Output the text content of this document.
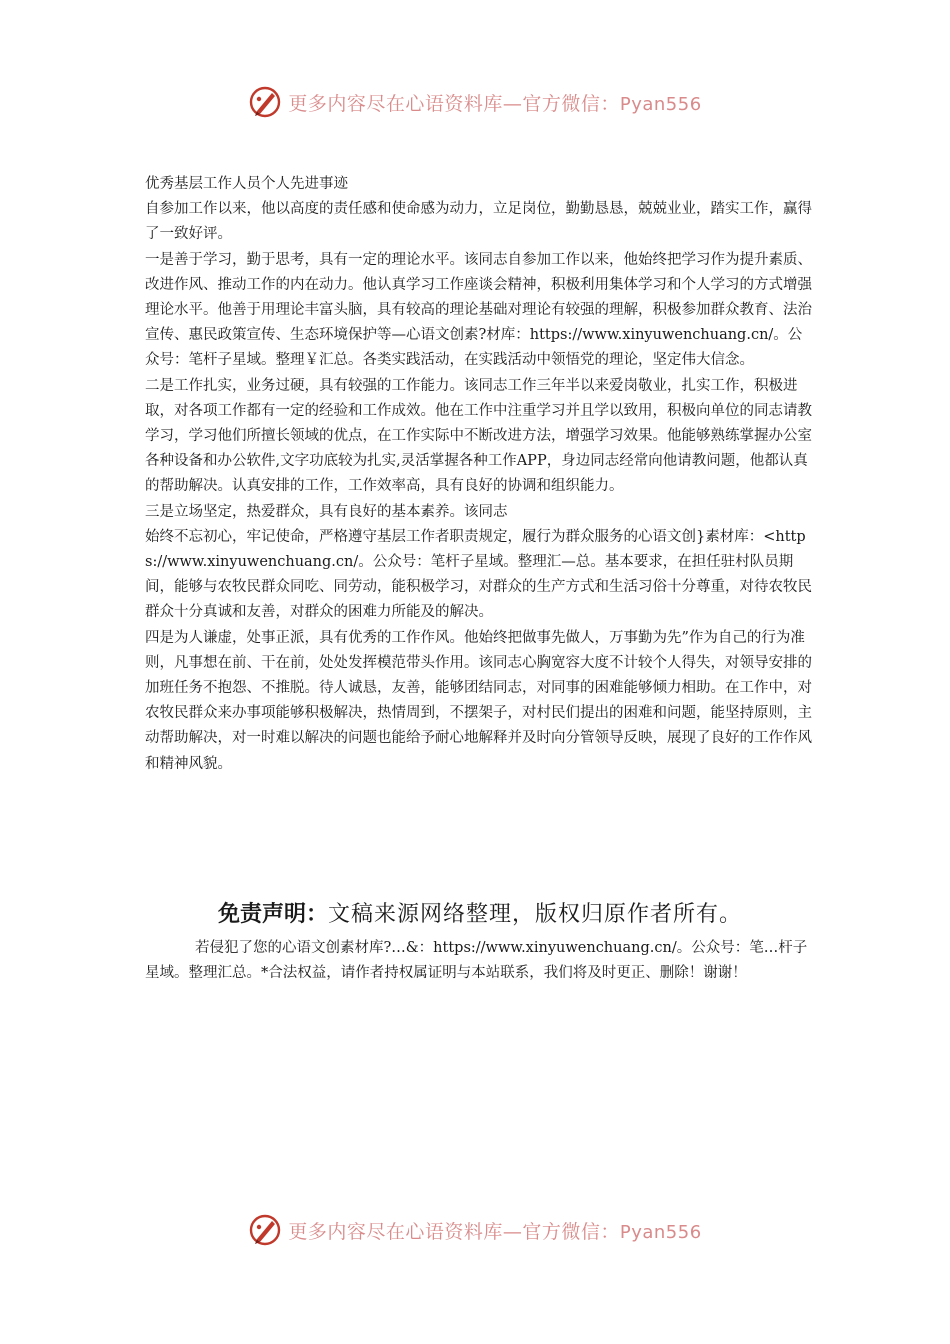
更多内容尽在心语资料库—官方微信：Pyan556

优秀基层工作人员个人先进事迹

自参加工作以来，他以高度的责任感和使命感为动力，立足岗位，勤勤恳恳，兢兢业业，踏实工作，赢得了一致好评。

一是善于学习，勤于思考，具有一定的理论水平。该同志自参加工作以来，他始终把学习作为提升素质、改进作风、推动工作的内在动力。他认真学习工作座谈会精神，积极利用集体学习和个人学习的方式增强理论水平。他善于用理论丰富头脑，具有较高的理论基础对理论有较强的理解，积极参加群众教育、法治宣传、惠民政策宣传、生态环境保护等—心语文创素?材库：https://www.xinyuwenchuang.cn/。公众号：笔杆子星域。整理￥汇总。各类实践活动，在实践活动中领悟党的理论，坚定伟大信念。

二是工作扎实，业务过硬，具有较强的工作能力。该同志工作三年半以来爱岗敬业，扎实工作，积极进取，对各项工作都有一定的经验和工作成效。他在工作中注重学习并且学以致用，积极向单位的同志请教学习，学习他们所擅长领域的优点，在工作实际中不断改进方法，增强学习效果。他能够熟练掌握办公室各种设备和办公软件,文字功底较为扎实,灵活掌握各种工作APP，身边同志经常向他请教问题，他都认真的帮助解决。认真安排的工作，工作效率高，具有良好的协调和组织能力。

三是立场坚定，热爱群众，具有良好的基本素养。该同志

始终不忘初心，牢记使命，严格遵守基层工作者职责规定，履行为群众服务的心语文创}素材库：<https://www.xinyuwenchuang.cn/。公众号：笔杆子星域。整理汇—总。基本要求，在担任驻村队员期间，能够与农牧民群众同吃、同劳动，能积极学习，对群众的生产方式和生活习俗十分尊重，对待农牧民群众十分真诚和友善，对群众的困难力所能及的解决。

四是为人谦虚，处事正派，具有优秀的工作作风。他始终把做事先做人，万事勤为先”作为自己的行为准则，凡事想在前、干在前，处处发挥模范带头作用。该同志心胸宽容大度不计较个人得失，对领导安排的加班任务不抱怨、不推脱。待人诚恳，友善，能够团结同志，对同事的困难能够倾力相助。在工作中，对农牧民群众来办事项能够积极解决，热情周到，不摆架子，对村民们提出的困难和问题，能坚持原则，主动帮助解决，对一时难以解决的问题也能给予耐心地解释并及时向分管领导反映，展现了良好的工作作风和精神风貌。

免责声明：文稿来源网络整理，版权归原作者所有。

若侵犯了您的心语文创素材库?…&：https://www.xinyuwenchuang.cn/。公众号：笔…杆子星域。整理汇总。*合法权益，请作者持权属证明与本站联系，我们将及时更正、删除！谢谢！

更多内容尽在心语资料库—官方微信：Pyan556
